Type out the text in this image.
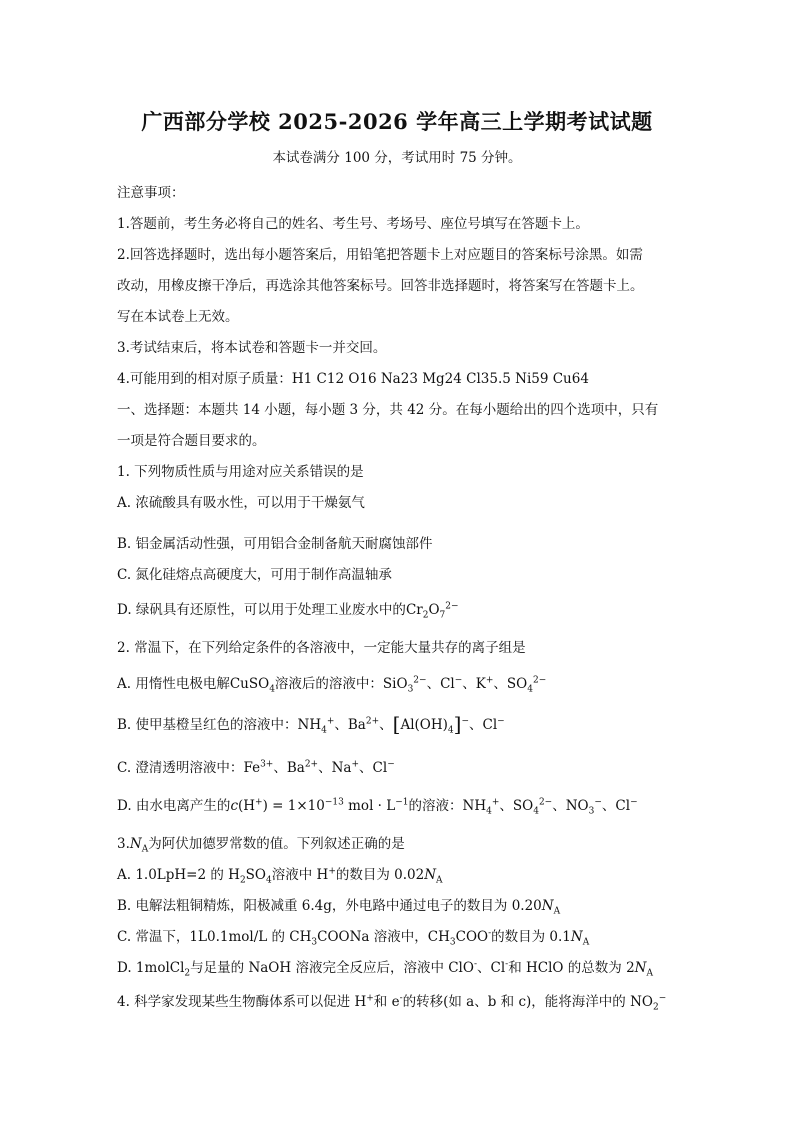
广西部分学校 2025-2026 学年高三上学期考试试题
本试卷满分 100 分，考试用时 75 分钟。
注意事项：
1.答题前，考生务必将自己的姓名、考生号、考场号、座位号填写在答题卡上。
2.回答选择题时，选出每小题答案后，用铅笔把答题卡上对应题目的答案标号涂黑。如需
改动，用橡皮擦干净后，再选涂其他答案标号。回答非选择题时，将答案写在答题卡上。
写在本试卷上无效。
3.考试结束后，将本试卷和答题卡一并交回。
4.可能用到的相对原子质量：H1 C12 O16 Na23 Mg24 Cl35.5 Ni59 Cu64
一、选择题：本题共 14 小题，每小题 3 分，共 42 分。在每小题给出的四个选项中，只有
一项是符合题目要求的。
1. 下列物质性质与用途对应关系错误的是
A. 浓硫酸具有吸水性，可以用于干燥氨气
B. 铝金属活动性强，可用铝合金制备航天耐腐蚀部件
C. 氮化硅熔点高硬度大，可用于制作高温轴承
D. 绿矾具有还原性，可以用于处理工业废水中的$Cr_2O_7^{2-}$
2. 常温下，在下列给定条件的各溶液中，一定能大量共存的离子组是
A. 用惰性电极电解CuSO$_4$溶液后的溶液中：SiO$_3^{2-}$、Cl−、K+、$SO_4^{2-}$
B. 使甲基橙呈红色的溶液中：$NH_4^+$、$Ba^{2+}$、$[Al(OH)_4]^-$、Cl−
C. 澄清透明溶液中：$Fe^{3+}$、$Ba^{2+}$、Na+、Cl−
D. 由水电离产生的$c(H^+) = 1\times 10^{-13}$ mol · $L^{-1}$的溶液：$NH_4^+$、$SO_4^{2-}$、$NO_3^-$、Cl−
$3.N_A$为阿伏加德罗常数的值。下列叙述正确的是
A. 1.0LpH=2 的 $H_2SO_4$溶液中 H+的数目为 $0.02N_A$
B. 电解法粗铜精炼，阳极减重 6.4g，外电路中通过电子的数目为 $0.20N_A$
C. 常温下，1L0.1mol/L 的 $CH_3COONa$ 溶液中，$CH_3COO^-$的数目为 $0.1N_A$
D. 1molCl$_2$与足量的 NaOH 溶液完全反应后，溶液中 ClO-、Cl-和 HClO 的总数为 $2N_A$
4. 科学家发现某些生物酶体系可以促进 H+和 e-的转移(如 a、b 和 c)，能将海洋中的 $NO_2^-$
